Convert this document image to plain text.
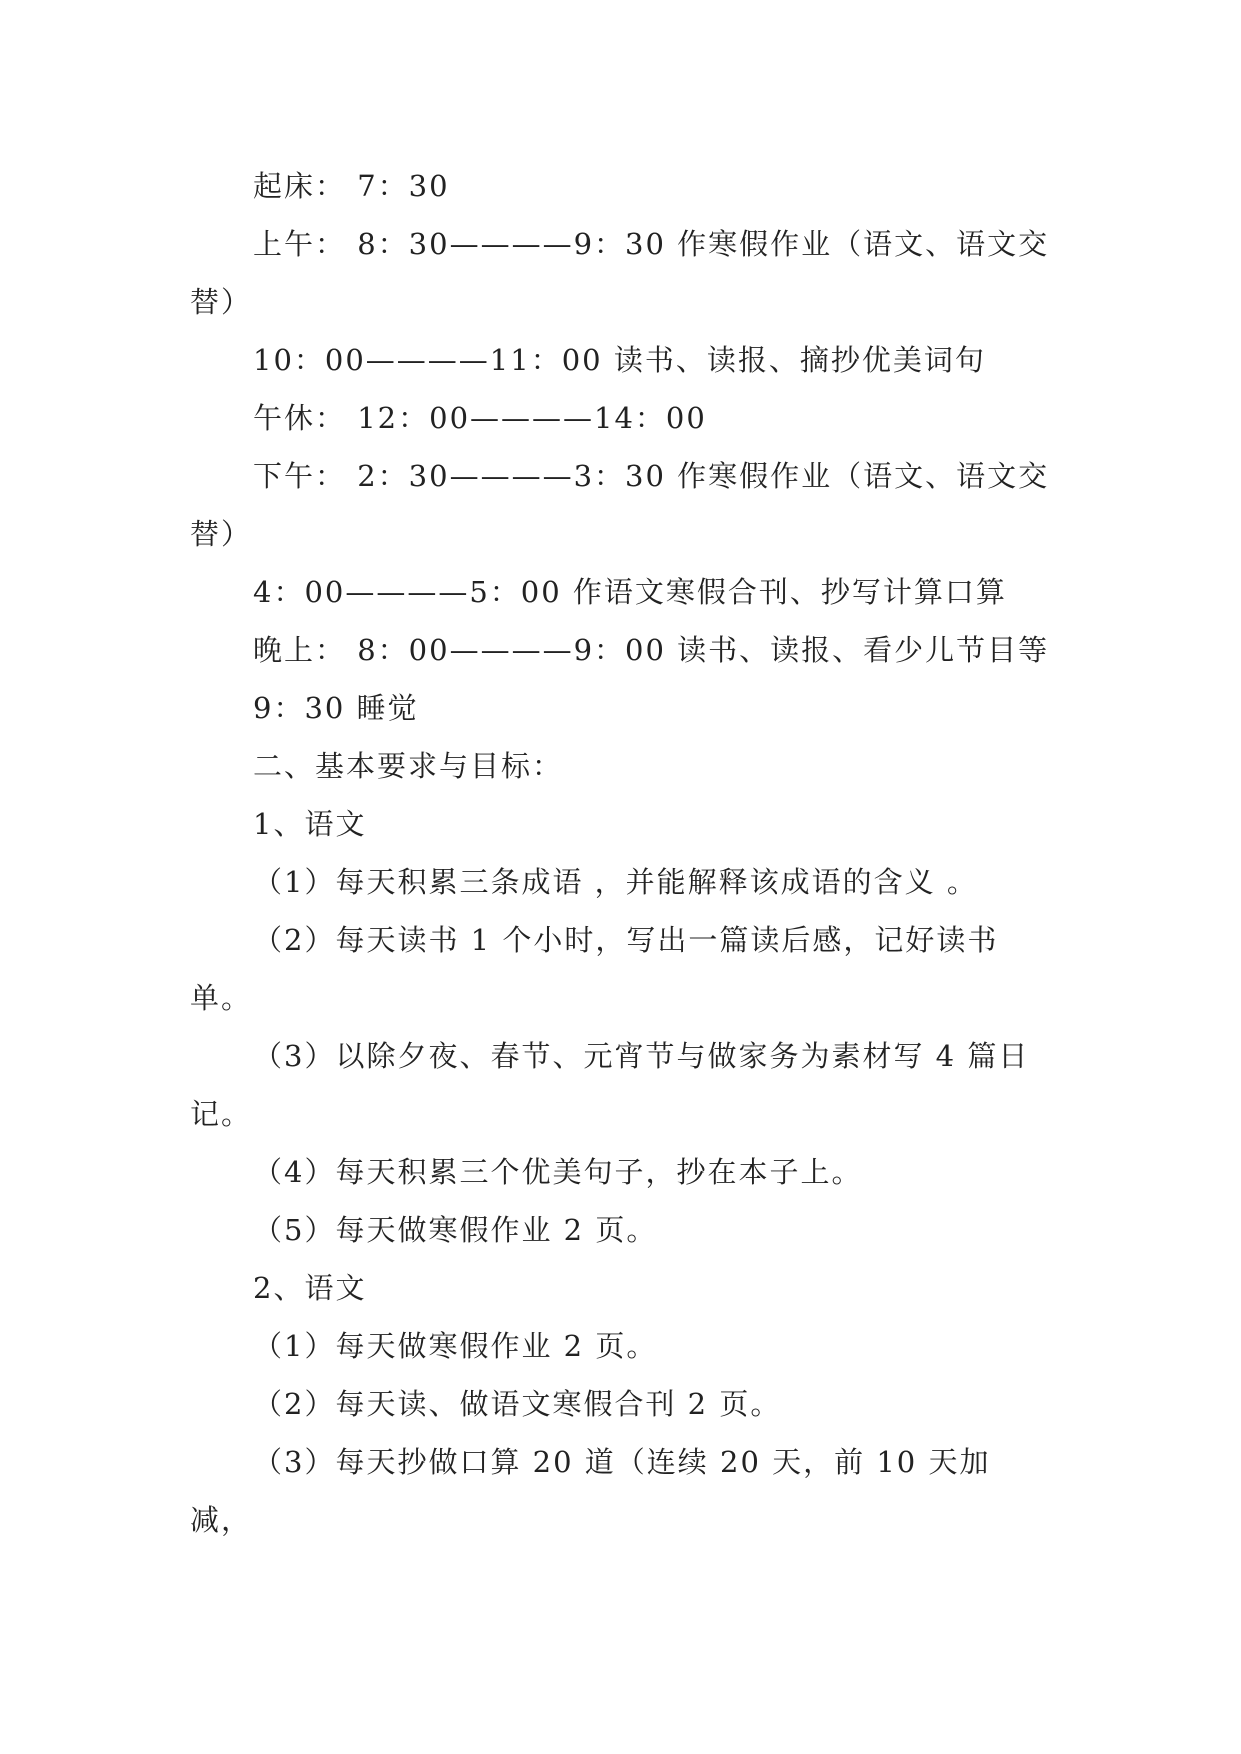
起床： 7：30

上午： 8：30————9：30 作寒假作业（语文、语文交替）

10：00————11：00 读书、读报、摘抄优美词句

午休： 12：00————14：00

下午： 2：30————3：30 作寒假作业（语文、语文交替）

4：00————5：00 作语文寒假合刊、抄写计算口算

晚上： 8：00————9：00 读书、读报、看少儿节目等

9：30 睡觉

二、基本要求与目标：

1、语文

（1）每天积累三条成语 ，并能解释该成语的含义 。

（2）每天读书 1 个小时，写出一篇读后感，记好读书单。

（3）以除夕夜、春节、元宵节与做家务为素材写 4 篇日记。

（4）每天积累三个优美句子，抄在本子上。

（5）每天做寒假作业 2 页。

2、语文

（1）每天做寒假作业 2 页。

（2）每天读、做语文寒假合刊 2 页。

（3）每天抄做口算 20 道（连续 20 天，前 10 天加减，
